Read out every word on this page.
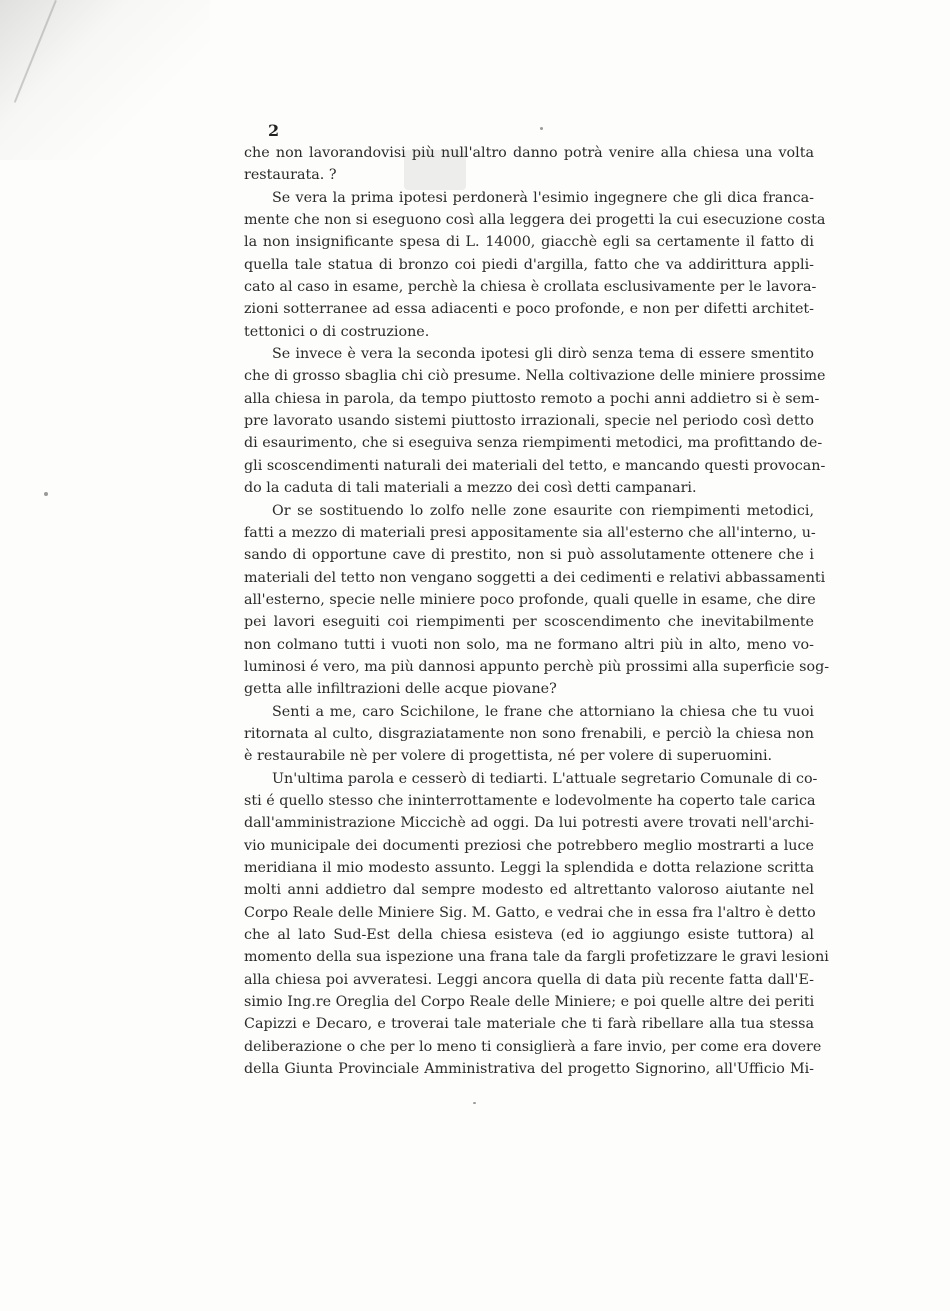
2
che non lavorandovisi più null'altro danno potrà venire alla chiesa una volta
restaurata. ?
Se vera la prima ipotesi perdonerà l'esimio ingegnere che gli dica franca-
mente che non si eseguono così alla leggera dei progetti la cui esecuzione costa
la non insignificante spesa di L. 14000, giacchè egli sa certamente il fatto di
quella tale statua di bronzo coi piedi d'argilla, fatto che va addirittura appli-
cato al caso in esame, perchè la chiesa è crollata esclusivamente per le lavora-
zioni sotterranee ad essa adiacenti e poco profonde, e non per difetti architet-
tettonici o di costruzione.
Se invece è vera la seconda ipotesi gli dirò senza tema di essere smentito
che di grosso sbaglia chi ciò presume. Nella coltivazione delle miniere prossime
alla chiesa in parola, da tempo piuttosto remoto a pochi anni addietro si è sem-
pre lavorato usando sistemi piuttosto irrazionali, specie nel periodo così detto
di esaurimento, che si eseguiva senza riempimenti metodici, ma profittando de-
gli scoscendimenti naturali dei materiali del tetto, e mancando questi provocan-
do la caduta di tali materiali a mezzo dei così detti campanari.
Or se sostituendo lo zolfo nelle zone esaurite con riempimenti metodici,
fatti a mezzo di materiali presi appositamente sia all'esterno che all'interno, u-
sando di opportune cave di prestito, non si può assolutamente ottenere che i
materiali del tetto non vengano soggetti a dei cedimenti e relativi abbassamenti
all'esterno, specie nelle miniere poco profonde, quali quelle in esame, che dire
pei lavori eseguiti coi riempimenti per scoscendimento che inevitabilmente
non colmano tutti i vuoti non solo, ma ne formano altri più in alto, meno vo-
luminosi é vero, ma più dannosi appunto perchè più prossimi alla superficie sog-
getta alle infiltrazioni delle acque piovane?
Senti a me, caro Scichilone, le frane che attorniano la chiesa che tu vuoi
ritornata al culto, disgraziatamente non sono frenabili, e perciò la chiesa non
è restaurabile nè per volere di progettista, né per volere di superuomini.
Un'ultima parola e cesserò di tediarti. L'attuale segretario Comunale di co-
sti é quello stesso che ininterrottamente e lodevolmente ha coperto tale carica
dall'amministrazione Miccichè ad oggi. Da lui potresti avere trovati nell'archi-
vio municipale dei documenti preziosi che potrebbero meglio mostrarti a luce
meridiana il mio modesto assunto. Leggi la splendida e dotta relazione scritta
molti anni addietro dal sempre modesto ed altrettanto valoroso aiutante nel
Corpo Reale delle Miniere Sig. M. Gatto, e vedrai che in essa fra l'altro è detto
che al lato Sud-Est della chiesa esisteva (ed io aggiungo esiste tuttora) al
momento della sua ispezione una frana tale da fargli profetizzare le gravi lesioni
alla chiesa poi avveratesi. Leggi ancora quella di data più recente fatta dall'E-
simio Ing.re Oreglia del Corpo Reale delle Miniere; e poi quelle altre dei periti
Capizzi e Decaro, e troverai tale materiale che ti farà ribellare alla tua stessa
deliberazione o che per lo meno ti consiglierà a fare invio, per come era dovere
della Giunta Provinciale Amministrativa del progetto Signorino, all'Ufficio Mi-
